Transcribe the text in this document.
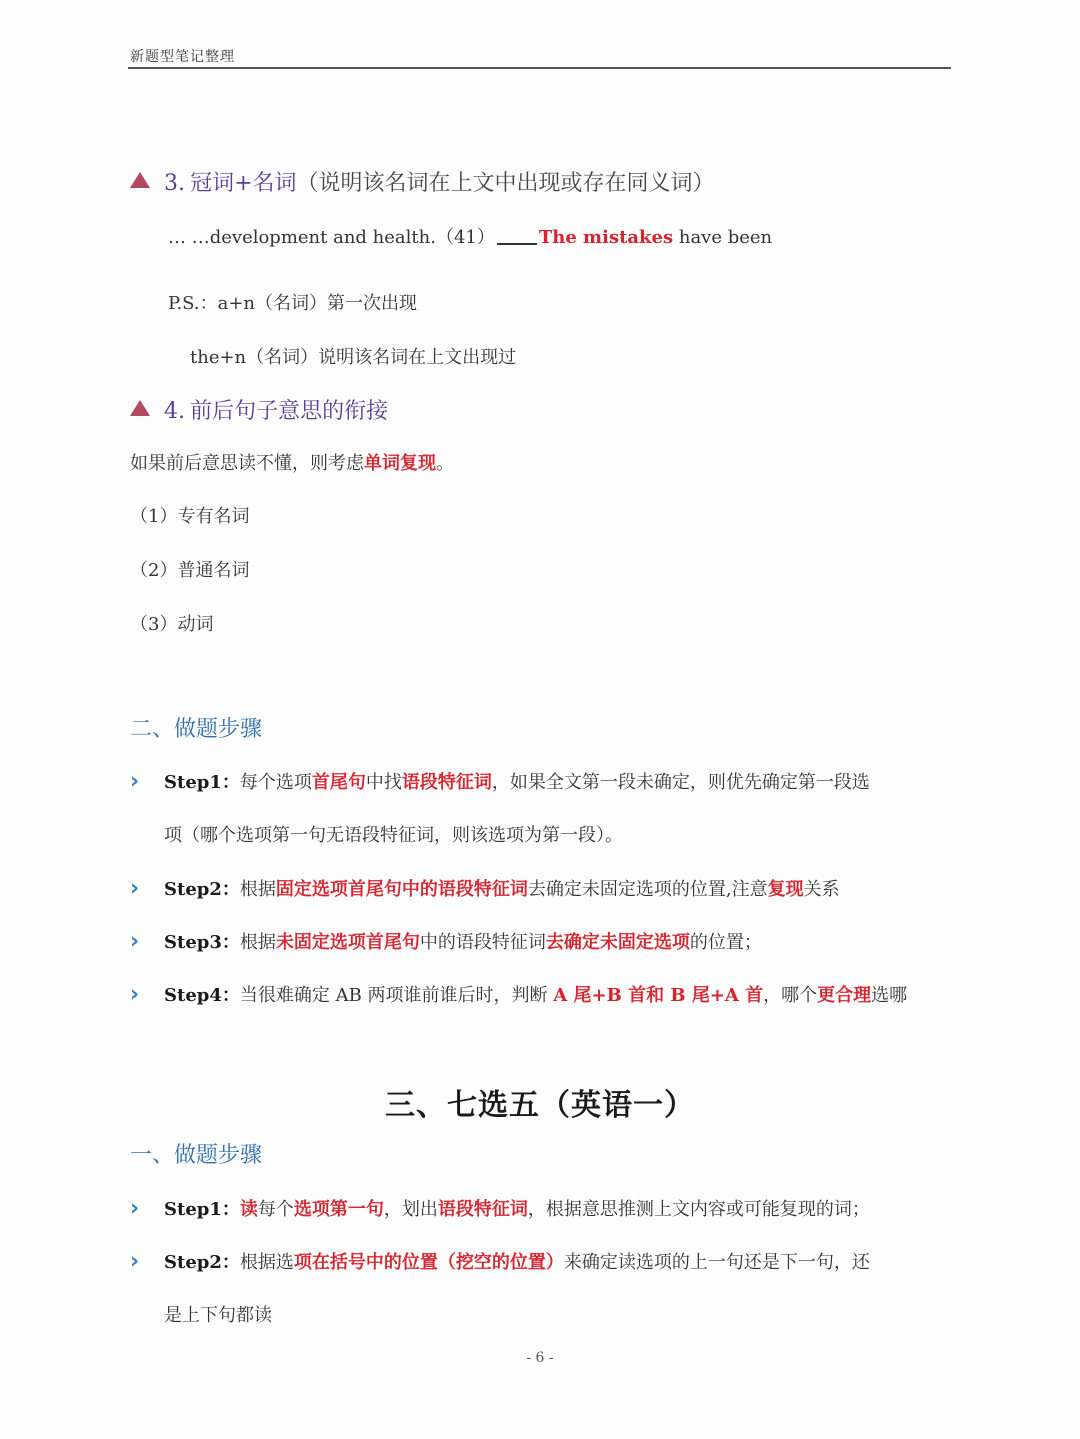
新题型笔记整理
3. 冠词+名词（说明该名词在上文中出现或存在同义词）
… …development and health.（41） The mistakes have been
P.S.：a+n（名词）第一次出现
the+n（名词）说明该名词在上文出现过
4. 前后句子意思的衔接
如果前后意思读不懂，则考虑单词复现。
（1）专有名词
（2）普通名词
（3）动词
二、做题步骤
› Step1：每个选项首尾句中找语段特征词，如果全文第一段未确定，则优先确定第一段选
项（哪个选项第一句无语段特征词，则该选项为第一段）。
› Step2：根据固定选项首尾句中的语段特征词去确定未固定选项的位置,注意复现关系
› Step3：根据未固定选项首尾句中的语段特征词去确定未固定选项的位置；
› Step4：当很难确定 AB 两项谁前谁后时，判断 A 尾+B 首和 B 尾+A 首，哪个更合理选哪
三、七选五（英语一）
一、做题步骤
› Step1：读每个选项第一句，划出语段特征词，根据意思推测上文内容或可能复现的词；
› Step2：根据选项在括号中的位置（挖空的位置）来确定读选项的上一句还是下一句，还
是上下句都读
- 6 -
